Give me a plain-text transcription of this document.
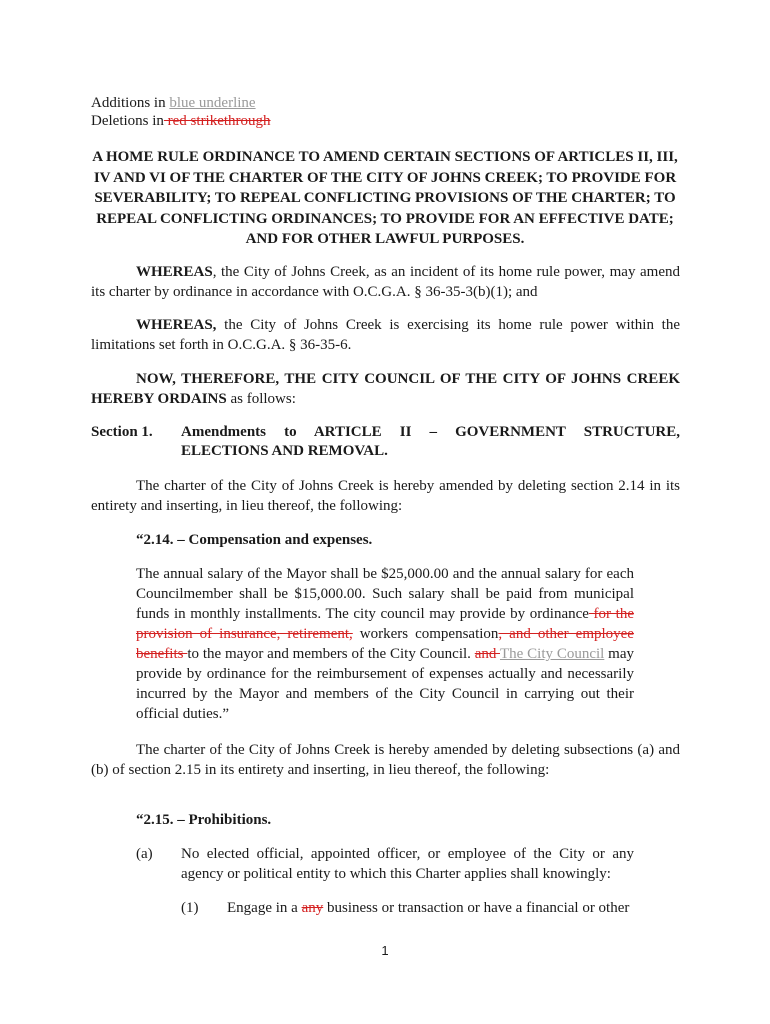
Additions in blue underline
Deletions in red strikethrough
A HOME RULE ORDINANCE TO AMEND CERTAIN SECTIONS OF ARTICLES II, III, IV AND VI OF THE CHARTER OF THE CITY OF JOHNS CREEK; TO PROVIDE FOR SEVERABILITY; TO REPEAL CONFLICTING PROVISIONS OF THE CHARTER; TO REPEAL CONFLICTING ORDINANCES; TO PROVIDE FOR AN EFFECTIVE DATE; AND FOR OTHER LAWFUL PURPOSES.
WHEREAS, the City of Johns Creek, as an incident of its home rule power, may amend its charter by ordinance in accordance with O.C.G.A. § 36-35-3(b)(1); and
WHEREAS, the City of Johns Creek is exercising its home rule power within the limitations set forth in O.C.G.A. § 36-35-6.
NOW, THEREFORE, THE CITY COUNCIL OF THE CITY OF JOHNS CREEK HEREBY ORDAINS as follows:
Section 1. Amendments to ARTICLE II – GOVERNMENT STRUCTURE,
ELECTIONS AND REMOVAL.
The charter of the City of Johns Creek is hereby amended by deleting section 2.14 in its entirety and inserting, in lieu thereof, the following:
“2.14. – Compensation and expenses.
The annual salary of the Mayor shall be $25,000.00 and the annual salary for each Councilmember shall be $15,000.00. Such salary shall be paid from municipal funds in monthly installments. The city council may provide by ordinance for the provision of insurance, retirement, workers compensation, and other employee benefits to the mayor and members of the City Council. and The City Council may provide by ordinance for the reimbursement of expenses actually and necessarily incurred by the Mayor and members of the City Council in carrying out their official duties.”
The charter of the City of Johns Creek is hereby amended by deleting subsections (a) and (b) of section 2.15 in its entirety and inserting, in lieu thereof, the following:
“2.15. – Prohibitions.
(a) No elected official, appointed officer, or employee of the City or any agency or political entity to which this Charter applies shall knowingly:
(1) Engage in a any business or transaction or have a financial or other
1
